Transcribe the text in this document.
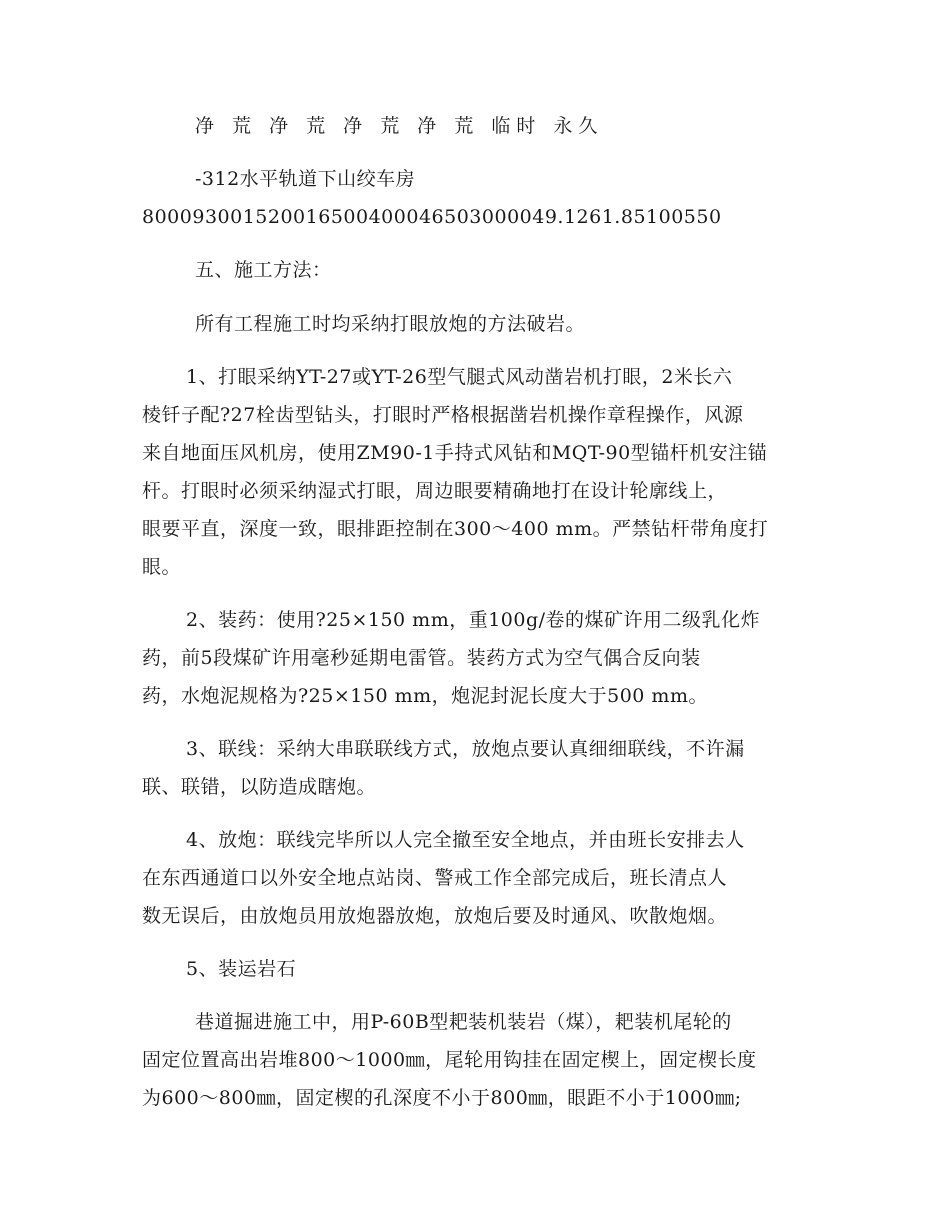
净 荒 净 荒 净 荒 净 荒 临时 永久
-312水平轨道下山绞车房
800093001520016500400046503000049.1261.85100550
五、施工方法：
所有工程施工时均采纳打眼放炮的方法破岩。
1、打眼采纳YT-27或YT-26型气腿式风动凿岩机打眼，2米长六
棱钎子配?27栓齿型钻头，打眼时严格根据凿岩机操作章程操作，风源
来自地面压风机房，使用ZM90-1手持式风钻和MQT-90型锚杆机安注锚
杆。打眼时必须采纳湿式打眼，周边眼要精确地打在设计轮廓线上，
眼要平直，深度一致，眼排距控制在300～400 mm。严禁钻杆带角度打
眼。
2、装药：使用?25×150 mm，重100g/卷的煤矿许用二级乳化炸
药，前5段煤矿许用毫秒延期电雷管。装药方式为空气偶合反向装
药，水炮泥规格为?25×150 mm，炮泥封泥长度大于500 mm。
3、联线：采纳大串联联线方式，放炮点要认真细细联线，不许漏
联、联错，以防造成瞎炮。
4、放炮：联线完毕所以人完全撤至安全地点，并由班长安排去人
在东西通道口以外安全地点站岗、警戒工作全部完成后，班长清点人
数无误后，由放炮员用放炮器放炮，放炮后要及时通风、吹散炮烟。
5、装运岩石
巷道掘进施工中，用P-60B型耙装机装岩（煤），耙装机尾轮的
固定位置高出岩堆800～1000㎜，尾轮用钩挂在固定楔上，固定楔长度
为600～800㎜，固定楔的孔深度不小于800㎜，眼距不小于1000㎜;
